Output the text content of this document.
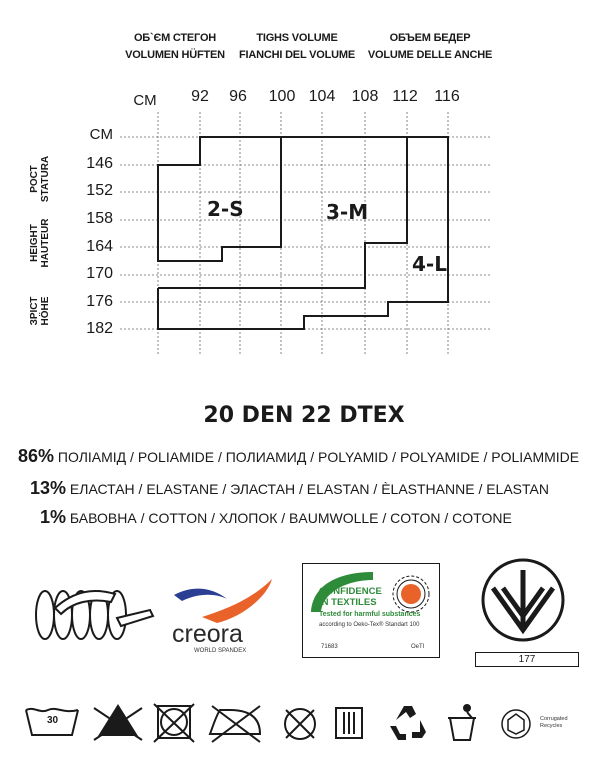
ОБ`ЄМ СТЕГОН
VOLUMEN HÜFTEN
TIGHS VOLUME
FIANCHI DEL VOLUME
ОБЪЕМ БЕДЕР
VOLUME DELLE ANCHE
CM	92	96	100 104	108 112	116
CM
146
152
158
164
170
176
182
РОСТ STATURA
HEIGHT HAUTEUR
ЗРІСТ HÖHE
2-S	3-M
4-L
20 DEN 22 DTEX
86% ПОЛІАМІД / POLIAMIDE / ПОЛИАМИД / POLYAMID / POLYAMIDE / POLIAMMIDE
13% ЕЛАСТАН / ELASTANE / ЭЛАСТАН / ELASTAN / ÈLASTHANNE / ELASTAN
1% БАВОВНА / COTTON / ХЛОПОК / BAUMWOLLE / COTON / COTONE
creora
WORLD SPANDEX
CONFIDENCE
IN TEXTILES
Tested for harmful substances
according to Oeko-Tex® Standart 100
71683	OeTI
177
30	Corrugated Recycles
